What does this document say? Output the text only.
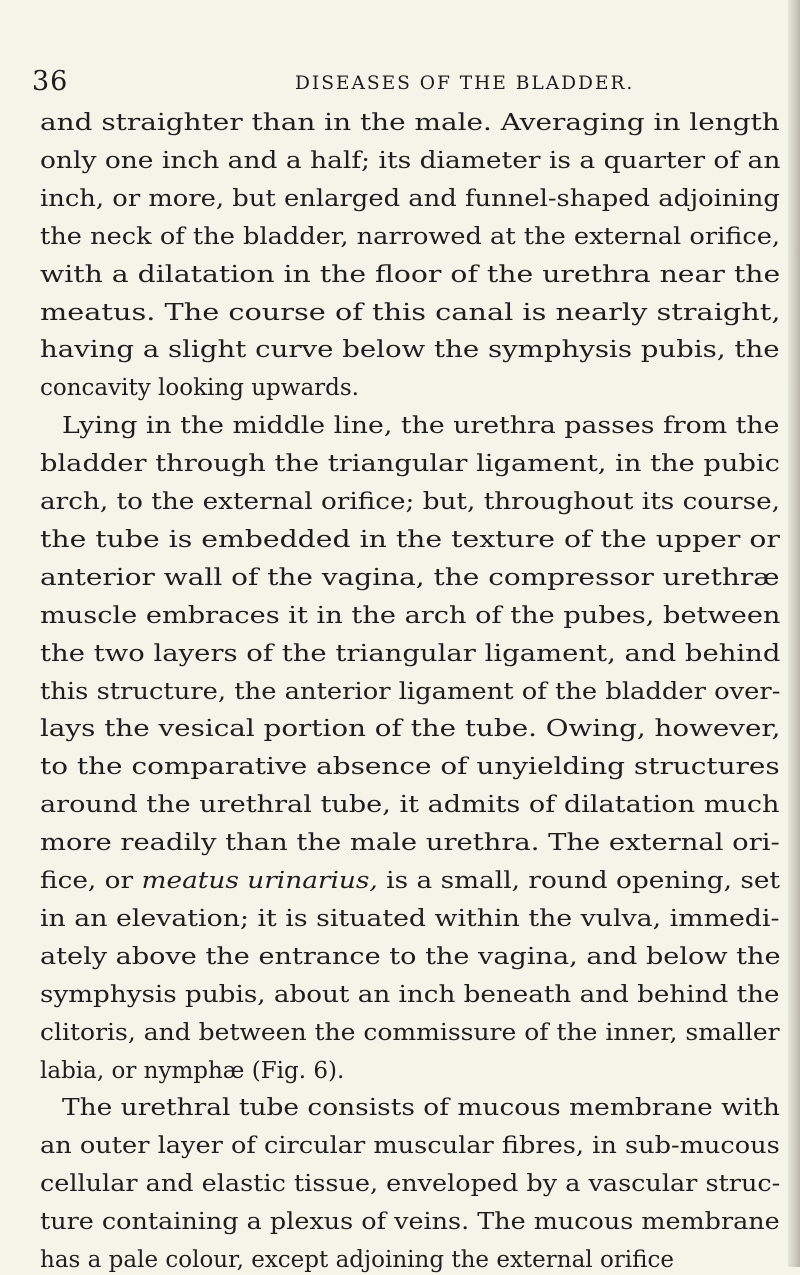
36	DISEASES OF THE BLADDER.
and straighter than in the male. Averaging in length
only one inch and a half; its diameter is a quarter of an
inch, or more, but enlarged and funnel-shaped adjoining
the neck of the bladder, narrowed at the external orifice,
with a dilatation in the floor of the urethra near the
meatus. The course of this canal is nearly straight,
having a slight curve below the symphysis pubis, the
concavity looking upwards.
Lying in the middle line, the urethra passes from the
bladder through the triangular ligament, in the pubic
arch, to the external orifice; but, throughout its course,
the tube is embedded in the texture of the upper or
anterior wall of the vagina, the compressor urethræ
muscle embraces it in the arch of the pubes, between
the two layers of the triangular ligament, and behind
this structure, the anterior ligament of the bladder over-
lays the vesical portion of the tube. Owing, however,
to the comparative absence of unyielding structures
around the urethral tube, it admits of dilatation much
more readily than the male urethra. The external ori-
fice, or meatus urinarius, is a small, round opening, set
in an elevation; it is situated within the vulva, immedi-
ately above the entrance to the vagina, and below the
symphysis pubis, about an inch beneath and behind the
clitoris, and between the commissure of the inner, smaller
labia, or nymphæ (Fig. 6).
The urethral tube consists of mucous membrane with
an outer layer of circular muscular fibres, in sub-mucous
cellular and elastic tissue, enveloped by a vascular struc-
ture containing a plexus of veins. The mucous membrane
has a pale colour, except adjoining the external orifice
